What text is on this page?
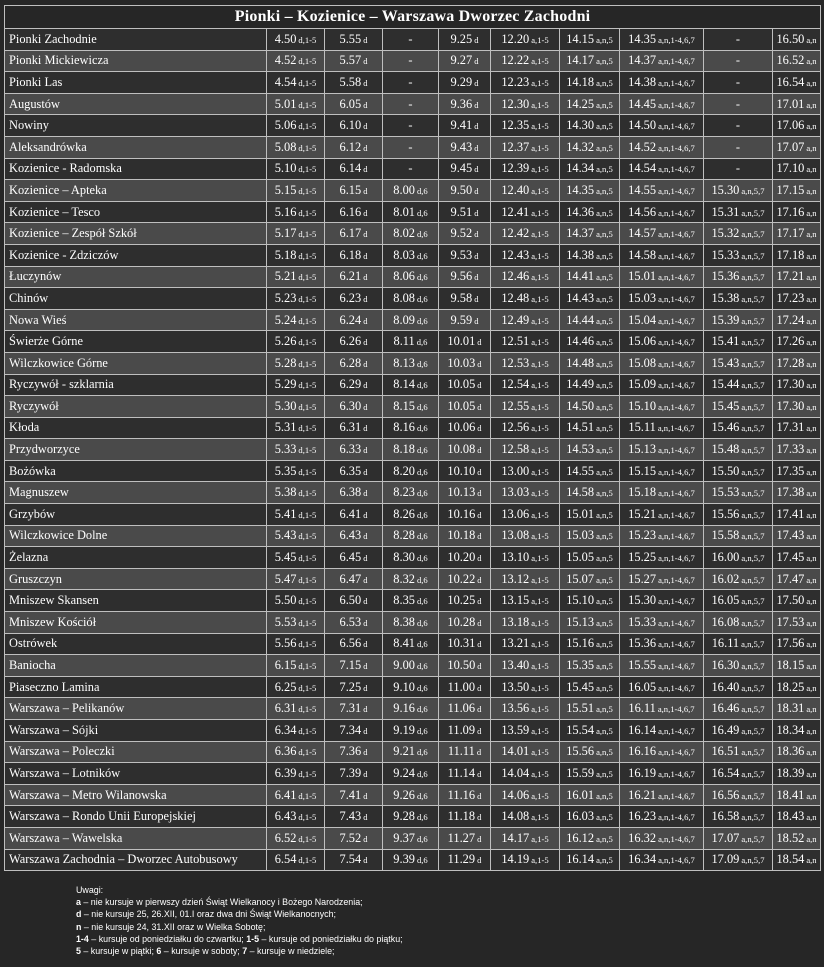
Pionki – Kozienice – Warszawa Dworzec Zachodni									
Pionki Zachodnie	4.50 d,1-5	5.55 d	-	9.25 d	12.20 a,1-5	14.15 a,n,5	14.35 a,n,1-4,6,7	-	16.50 a,n
Pionki Mickiewicza	4.52 d,1-5	5.57 d	-	9.27 d	12.22 a,1-5	14.17 a,n,5	14.37 a,n,1-4,6,7	-	16.52 a,n
Pionki Las	4.54 d,1-5	5.58 d	-	9.29 d	12.23 a,1-5	14.18 a,n,5	14.38 a,n,1-4,6,7	-	16.54 a,n
Augustów	5.01 d,1-5	6.05 d	-	9.36 d	12.30 a,1-5	14.25 a,n,5	14.45 a,n,1-4,6,7	-	17.01 a,n
Nowiny	5.06 d,1-5	6.10 d	-	9.41 d	12.35 a,1-5	14.30 a,n,5	14.50 a,n,1-4,6,7	-	17.06 a,n
Aleksandrówka	5.08 d,1-5	6.12 d	-	9.43 d	12.37 a,1-5	14.32 a,n,5	14.52 a,n,1-4,6,7	-	17.07 a,n
Kozienice - Radomska	5.10 d,1-5	6.14 d	-	9.45 d	12.39 a,1-5	14.34 a,n,5	14.54 a,n,1-4,6,7	-	17.10 a,n
Kozienice – Apteka	5.15 d,1-5	6.15 d	8.00 d,6	9.50 d	12.40 a,1-5	14.35 a,n,5	14.55 a,n,1-4,6,7	15.30 a,n,5,7	17.15 a,n
Kozienice – Tesco	5.16 d,1-5	6.16 d	8.01 d,6	9.51 d	12.41 a,1-5	14.36 a,n,5	14.56 a,n,1-4,6,7	15.31 a,n,5,7	17.16 a,n
Kozienice – Zespół Szkół	5.17 d,1-5	6.17 d	8.02 d,6	9.52 d	12.42 a,1-5	14.37 a,n,5	14.57 a,n,1-4,6,7	15.32 a,n,5,7	17.17 a,n
Kozienice - Zdziczów	5.18 d,1-5	6.18 d	8.03 d,6	9.53 d	12.43 a,1-5	14.38 a,n,5	14.58 a,n,1-4,6,7	15.33 a,n,5,7	17.18 a,n
Łuczynów	5.21 d,1-5	6.21 d	8.06 d,6	9.56 d	12.46 a,1-5	14.41 a,n,5	15.01 a,n,1-4,6,7	15.36 a,n,5,7	17.21 a,n
Chinów	5.23 d,1-5	6.23 d	8.08 d,6	9.58 d	12.48 a,1-5	14.43 a,n,5	15.03 a,n,1-4,6,7	15.38 a,n,5,7	17.23 a,n
Nowa Wieś	5.24 d,1-5	6.24 d	8.09 d,6	9.59 d	12.49 a,1-5	14.44 a,n,5	15.04 a,n,1-4,6,7	15.39 a,n,5,7	17.24 a,n
Świerże Górne	5.26 d,1-5	6.26 d	8.11 d,6	10.01 d	12.51 a,1-5	14.46 a,n,5	15.06 a,n,1-4,6,7	15.41 a,n,5,7	17.26 a,n
Wilczkowice Górne	5.28 d,1-5	6.28 d	8.13 d,6	10.03 d	12.53 a,1-5	14.48 a,n,5	15.08 a,n,1-4,6,7	15.43 a,n,5,7	17.28 a,n
Ryczywół - szklarnia	5.29 d,1-5	6.29 d	8.14 d,6	10.05 d	12.54 a,1-5	14.49 a,n,5	15.09 a,n,1-4,6,7	15.44 a,n,5,7	17.30 a,n
Ryczywół	5.30 d,1-5	6.30 d	8.15 d,6	10.05 d	12.55 a,1-5	14.50 a,n,5	15.10 a,n,1-4,6,7	15.45 a,n,5,7	17.30 a,n
Kłoda	5.31 d,1-5	6.31 d	8.16 d,6	10.06 d	12.56 a,1-5	14.51 a,n,5	15.11 a,n,1-4,6,7	15.46 a,n,5,7	17.31 a,n
Przydworzyce	5.33 d,1-5	6.33 d	8.18 d,6	10.08 d	12.58 a,1-5	14.53 a,n,5	15.13 a,n,1-4,6,7	15.48 a,n,5,7	17.33 a,n
Bożówka	5.35 d,1-5	6.35 d	8.20 d,6	10.10 d	13.00 a,1-5	14.55 a,n,5	15.15 a,n,1-4,6,7	15.50 a,n,5,7	17.35 a,n
Magnuszew	5.38 d,1-5	6.38 d	8.23 d,6	10.13 d	13.03 a,1-5	14.58 a,n,5	15.18 a,n,1-4,6,7	15.53 a,n,5,7	17.38 a,n
Grzybów	5.41 d,1-5	6.41 d	8.26 d,6	10.16 d	13.06 a,1-5	15.01 a,n,5	15.21 a,n,1-4,6,7	15.56 a,n,5,7	17.41 a,n
Wilczkowice Dolne	5.43 d,1-5	6.43 d	8.28 d,6	10.18 d	13.08 a,1-5	15.03 a,n,5	15.23 a,n,1-4,6,7	15.58 a,n,5,7	17.43 a,n
Żelazna	5.45 d,1-5	6.45 d	8.30 d,6	10.20 d	13.10 a,1-5	15.05 a,n,5	15.25 a,n,1-4,6,7	16.00 a,n,5,7	17.45 a,n
Gruszczyn	5.47 d,1-5	6.47 d	8.32 d,6	10.22 d	13.12 a,1-5	15.07 a,n,5	15.27 a,n,1-4,6,7	16.02 a,n,5,7	17.47 a,n
Mniszew Skansen	5.50 d,1-5	6.50 d	8.35 d,6	10.25 d	13.15 a,1-5	15.10 a,n,5	15.30 a,n,1-4,6,7	16.05 a,n,5,7	17.50 a,n
Mniszew Kościół	5.53 d,1-5	6.53 d	8.38 d,6	10.28 d	13.18 a,1-5	15.13 a,n,5	15.33 a,n,1-4,6,7	16.08 a,n,5,7	17.53 a,n
Ostrówek	5.56 d,1-5	6.56 d	8.41 d,6	10.31 d	13.21 a,1-5	15.16 a,n,5	15.36 a,n,1-4,6,7	16.11 a,n,5,7	17.56 a,n
Baniocha	6.15 d,1-5	7.15 d	9.00 d,6	10.50 d	13.40 a,1-5	15.35 a,n,5	15.55 a,n,1-4,6,7	16.30 a,n,5,7	18.15 a,n
Piaseczno Lamina	6.25 d,1-5	7.25 d	9.10 d,6	11.00 d	13.50 a,1-5	15.45 a,n,5	16.05 a,n,1-4,6,7	16.40 a,n,5,7	18.25 a,n
Warszawa – Pelikanów	6.31 d,1-5	7.31 d	9.16 d,6	11.06 d	13.56 a,1-5	15.51 a,n,5	16.11 a,n,1-4,6,7	16.46 a,n,5,7	18.31 a,n
Warszawa – Sójki	6.34 d,1-5	7.34 d	9.19 d,6	11.09 d	13.59 a,1-5	15.54 a,n,5	16.14 a,n,1-4,6,7	16.49 a,n,5,7	18.34 a,n
Warszawa – Poleczki	6.36 d,1-5	7.36 d	9.21 d,6	11.11 d	14.01 a,1-5	15.56 a,n,5	16.16 a,n,1-4,6,7	16.51 a,n,5,7	18.36 a,n
Warszawa – Lotników	6.39 d,1-5	7.39 d	9.24 d,6	11.14 d	14.04 a,1-5	15.59 a,n,5	16.19 a,n,1-4,6,7	16.54 a,n,5,7	18.39 a,n
Warszawa – Metro Wilanowska	6.41 d,1-5	7.41 d	9.26 d,6	11.16 d	14.06 a,1-5	16.01 a,n,5	16.21 a,n,1-4,6,7	16.56 a,n,5,7	18.41 a,n
Warszawa – Rondo Unii Europejskiej	6.43 d,1-5	7.43 d	9.28 d,6	11.18 d	14.08 a,1-5	16.03 a,n,5	16.23 a,n,1-4,6,7	16.58 a,n,5,7	18.43 a,n
Warszawa – Wawelska	6.52 d,1-5	7.52 d	9.37 d,6	11.27 d	14.17 a,1-5	16.12 a,n,5	16.32 a,n,1-4,6,7	17.07 a,n,5,7	18.52 a,n
Warszawa Zachodnia – Dworzec Autobusowy	6.54 d,1-5	7.54 d	9.39 d,6	11.29 d	14.19 a,1-5	16.14 a,n,5	16.34 a,n,1-4,6,7	17.09 a,n,5,7	18.54 a,n
Uwagi:
a – nie kursuje w pierwszy dzień Świąt Wielkanocy i Bożego Narodzenia;
d – nie kursuje 25, 26.XII, 01.I oraz dwa dni Świąt Wielkanocnych;
n – nie kursuje 24, 31.XII oraz w Wielka Sobotę;
1-4 – kursuje od poniedziałku do czwartku; 1-5 – kursuje od poniedziałku do piątku;
5 – kursuje w piątki; 6 – kursuje w soboty; 7 – kursuje w niedziele;
